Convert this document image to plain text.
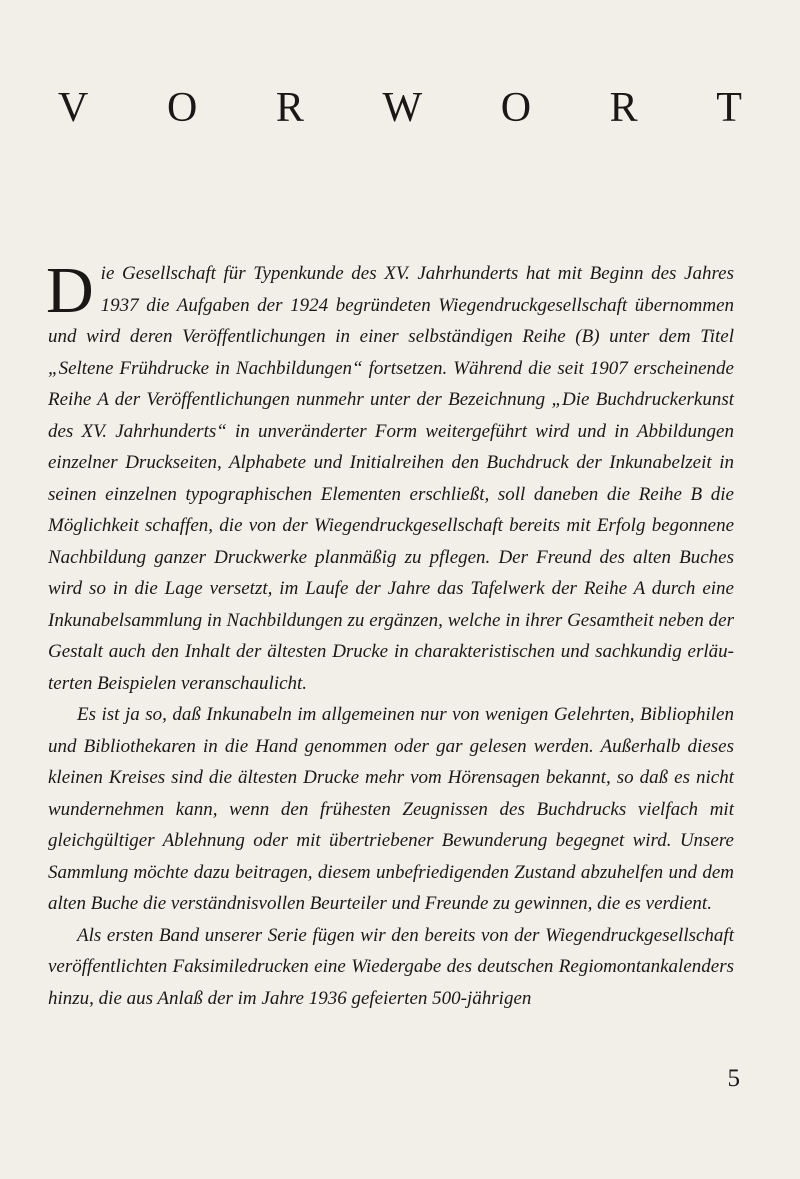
V O R W O R T

Die Gesellschaft für Typenkunde des XV. Jahrhunderts hat mit Beginn des Jahres 1937 die Aufgaben der 1924 begründeten Wiegendruckgesellschaft übernommen und wird deren Veröffentlichungen in einer selbständigen Reihe (B) unter dem Titel „Seltene Frühdrucke in Nachbildungen“ fortsetzen. Während die seit 1907 erscheinende Reihe A der Veröffentlichungen nunmehr unter der Bezeichnung „Die Buchdruckerkunst des XV. Jahrhunderts“ in unveränderter Form weitergeführt wird und in Abbildungen einzelner Druckseiten, Alphabete und Initialreihen den Buchdruck der Inkunabelzeit in seinen einzelnen typographischen Elementen erschließt, soll daneben die Reihe B die Möglichkeit schaffen, die von der Wiegendruckgesellschaft bereits mit Erfolg begonnene Nachbildung ganzer Druckwerke planmäßig zu pflegen. Der Freund des alten Buches wird so in die Lage versetzt, im Laufe der Jahre das Tafelwerk der Reihe A durch eine Inkunabelsammlung in Nachbildungen zu ergänzen, welche in ihrer Gesamtheit neben der Gestalt auch den Inhalt der ältesten Drucke in charakteristischen und sachkundig erläuterten Beispielen veranschaulicht.

Es ist ja so, daß Inkunabeln im allgemeinen nur von wenigen Gelehrten, Bibliophilen und Bibliothekaren in die Hand genommen oder gar gelesen werden. Außerhalb dieses kleinen Kreises sind die ältesten Drucke mehr vom Hörensagen bekannt, so daß es nicht wundernehmen kann, wenn den frühesten Zeugnissen des Buchdrucks vielfach mit gleichgültiger Ablehnung oder mit übertriebener Bewunderung begegnet wird. Unsere Sammlung möchte dazu beitragen, diesem unbefriedigenden Zustand abzuhelfen und dem alten Buche die verständnisvollen Beurteiler und Freunde zu gewinnen, die es verdient.

Als ersten Band unserer Serie fügen wir den bereits von der Wiegendruckgesellschaft veröffentlichten Faksimiledrucken eine Wiedergabe des deutschen Regiomontankalenders hinzu, die aus Anlaß der im Jahre 1936 gefeierten 500-jährigen

5
